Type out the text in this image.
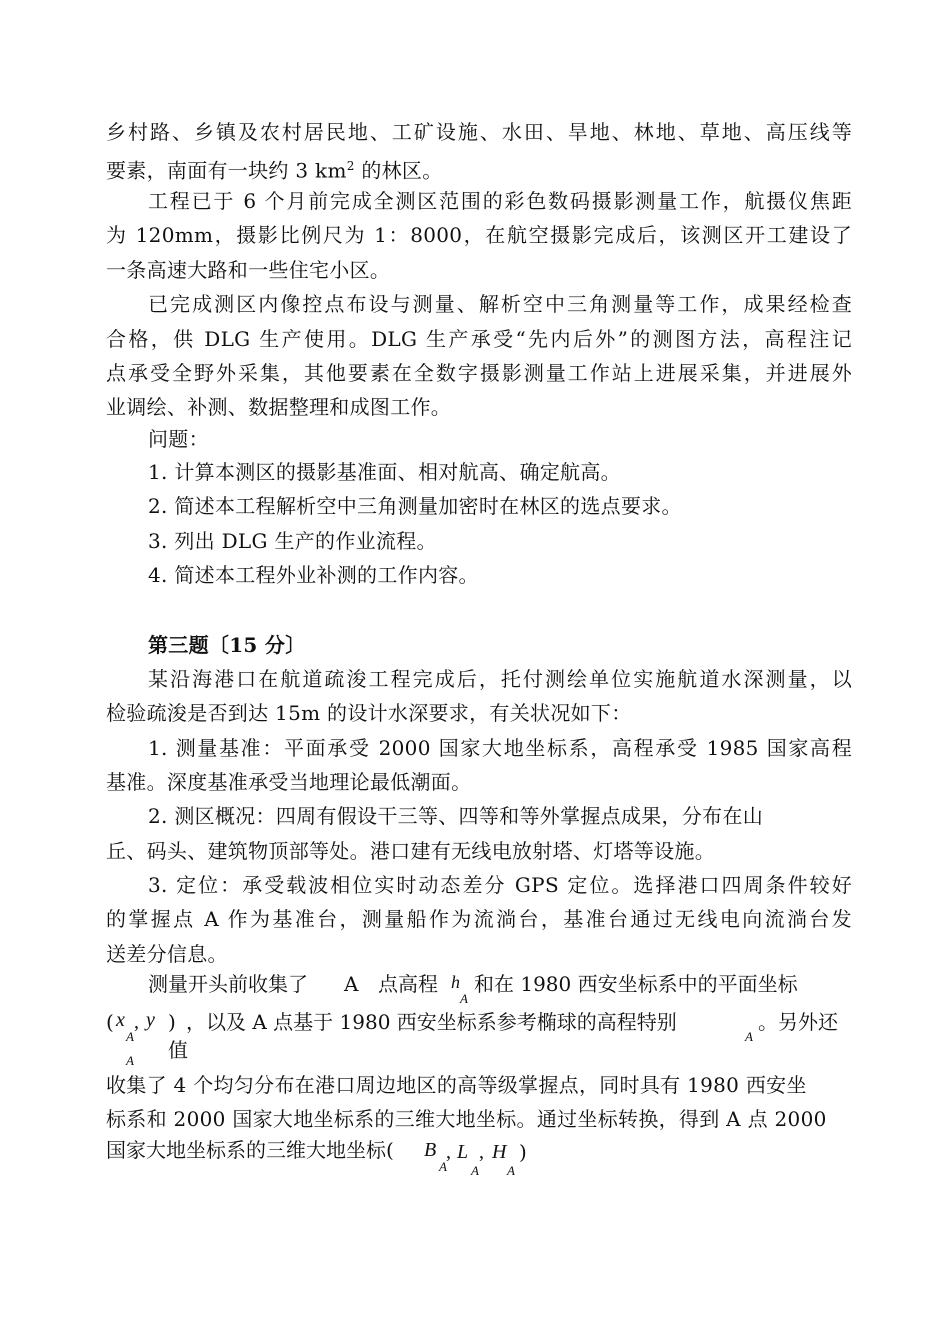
乡村路、乡镇及农村居民地、工矿设施、水田、旱地、林地、草地、高压线等
要素，南面有一块约 3 $km^2$ 的林区。
工程已于 6 个月前完成全测区范围的彩色数码摄影测量工作，航摄仪焦距
为 120mm，摄影比例尺为 1：8000，在航空摄影完成后，该测区开工建设了
一条高速大路和一些住宅小区。
已完成测区内像控点布设与测量、解析空中三角测量等工作，成果经检查
合格，供 DLG 生产使用。DLG 生产承受“先内后外”的测图方法，高程注记
点承受全野外采集，其他要素在全数字摄影测量工作站上进展采集，并进展外
业调绘、补测、数据整理和成图工作。
问题：
1. 计算本测区的摄影基准面、相对航高、确定航高。
2. 简述本工程解析空中三角测量加密时在林区的选点要求。
3. 列出 DLG 生产的作业流程。
4. 简述本工程外业补测的工作内容。
第三题〔15 分〕
某沿海港口在航道疏浚工程完成后，托付测绘单位实施航道水深测量，以
检验疏浚是否到达 15m 的设计水深要求，有关状况如下：
1. 测量基准：平面承受 2000 国家大地坐标系，高程承受 1985 国家高程
基准。深度基准承受当地理论最低潮面。
2. 测区概况：四周有假设干三等、四等和等外掌握点成果，分布在山
丘、码头、建筑物顶部等处。港口建有无线电放射塔、灯塔等设施。
3. 定位：承受载波相位实时动态差分 GPS 定位。选择港口四周条件较好
的掌握点 A 作为基准台，测量船作为流淌台，基准台通过无线电向流淌台发
送差分信息。
测量开头前收集了 A 点高程 h
A
和在 1980 西安坐标系中的平面坐标
( x , y )
A
A
，以及 A 点基于 1980 西安坐标系参考椭球的高程特别
值
A
。另外还
收集了 4 个均匀分布在港口周边地区的高等级掌握点，同时具有 1980 西安坐
标系和 2000 国家大地坐标系的三维大地坐标。通过坐标转换，得到 A 点 2000
国家大地坐标系的三维大地坐标( B
A
, L
A
, H
A
)
